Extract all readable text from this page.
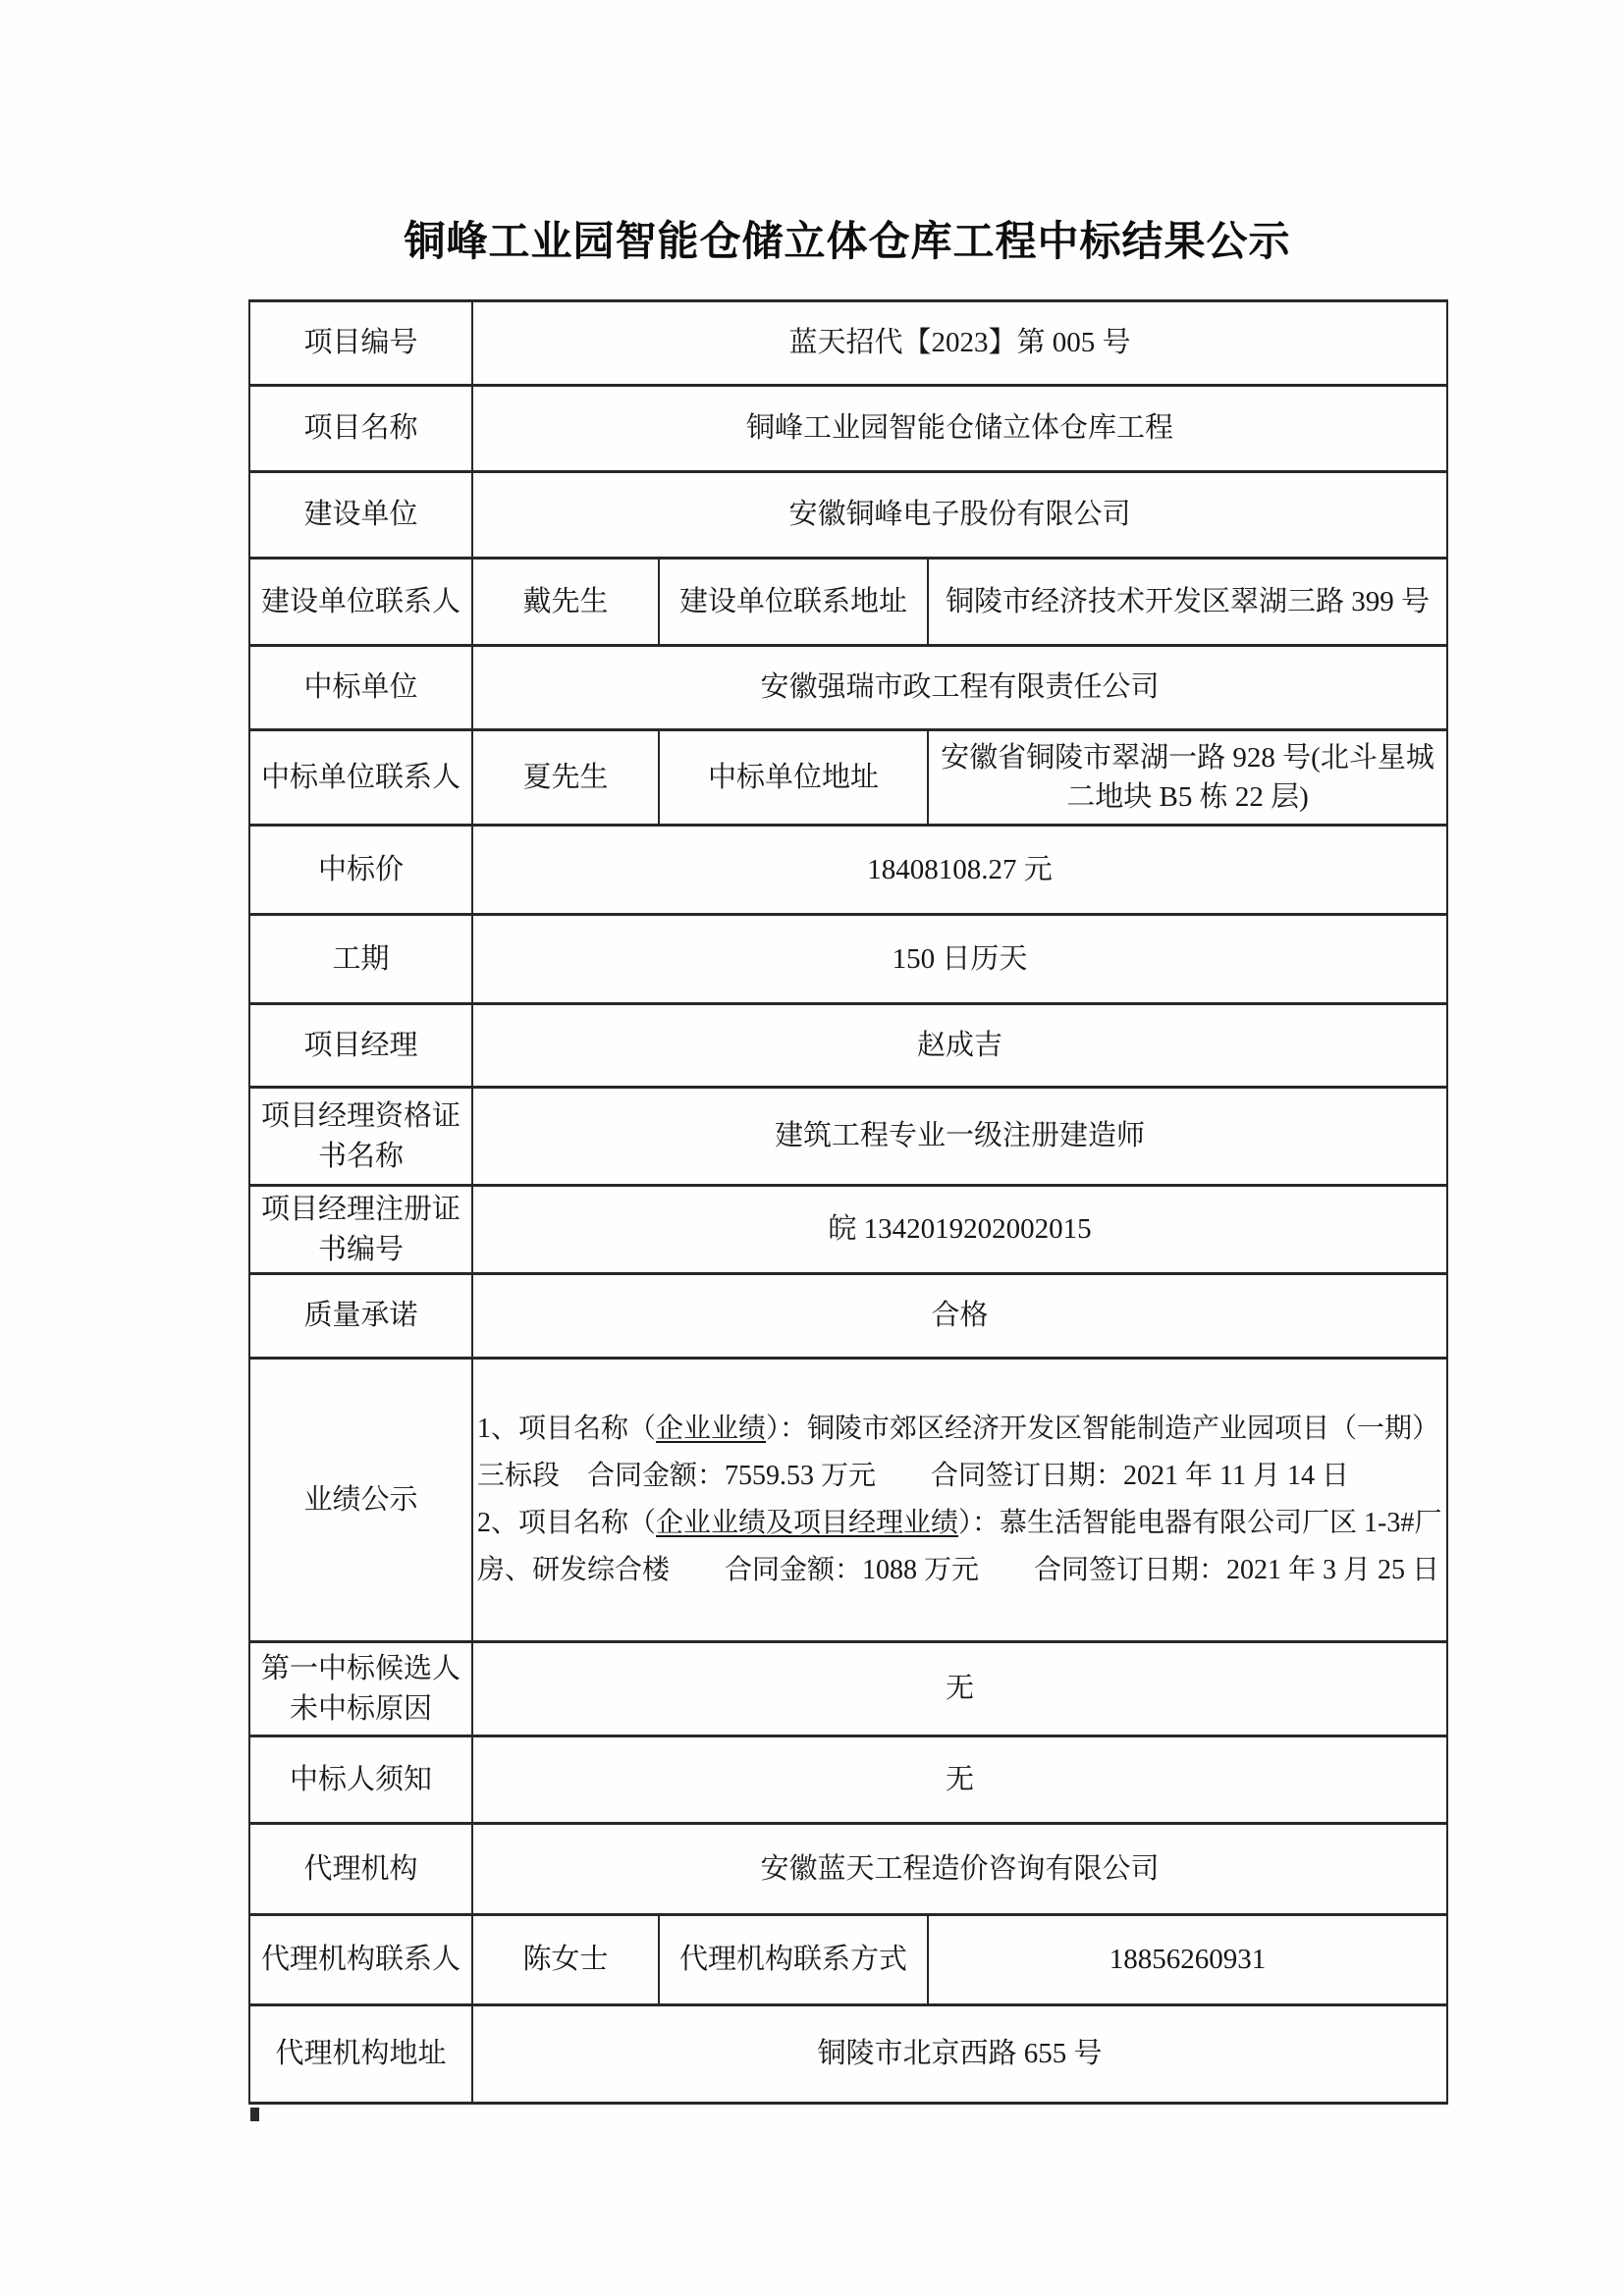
铜峰工业园智能仓储立体仓库工程中标结果公示
项目编号	蓝天招代【2023】第 005 号		
项目名称	铜峰工业园智能仓储立体仓库工程		
建设单位	安徽铜峰电子股份有限公司		
建设单位联系人	戴先生	建设单位联系地址	铜陵市经济技术开发区翠湖三路 399 号
中标单位	安徽强瑞市政工程有限责任公司		
中标单位联系人	夏先生	中标单位地址	安徽省铜陵市翠湖一路 928 号(北斗星城二地块 B5 栋 22 层)
中标价	18408108.27 元		
工期	150 日历天		
项目经理	赵成吉		
项目经理资格证书名称	建筑工程专业一级注册建造师		
项目经理注册证书编号	皖 1342019202002015		
质量承诺	合格		
业绩公示	1、项目名称（企业业绩）：铜陵市郊区经济开发区智能制造产业园项目（一期）三标段　合同金额：7559.53 万元　　合同签订日期：2021 年 11 月 14 日

2、项目名称（企业业绩及项目经理业绩）：慕生活智能电器有限公司厂区 1-3#厂房、研发综合楼　　合同金额：1088 万元　　合同签订日期：2021 年 3 月 25 日		

第一中标候选人未中标原因	无		
中标人须知	无		
代理机构	安徽蓝天工程造价咨询有限公司		
代理机构联系人	陈女士	代理机构联系方式	18856260931
代理机构地址	铜陵市北京西路 655 号		
